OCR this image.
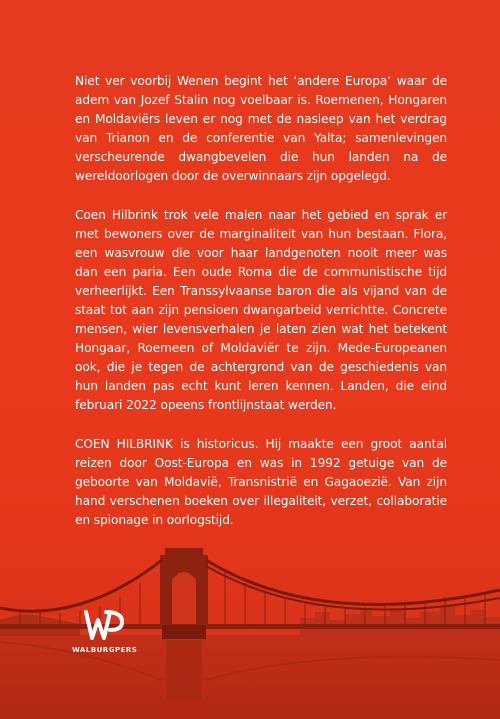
Niet ver voorbij Wenen begint het ‘andere Europa’ waar de adem van Jozef Stalin nog voelbaar is. Roemenen, Hongaren en Moldaviërs leven er nog met de nasleep van het verdrag van Trianon en de conferentie van Yalta; samenlevingen verscheurende dwangbevelen die hun landen na de wereldoorlogen door de overwinnaars zijn opgelegd.

Coen Hilbrink trok vele malen naar het gebied en sprak er met bewoners over de marginaliteit van hun bestaan. Flora, een wasvrouw die voor haar landgenoten nooit meer was dan een paria. Een oude Roma die de communistische tijd verheerlijkt. Een Transsylvaanse baron die als vijand van de staat tot aan zijn pensioen dwangarbeid verrichtte. Concrete mensen, wier levensverhalen je laten zien wat het betekent Hongaar, Roemeen of Moldaviër te zijn. Mede-Europeanen ook, die je tegen de achtergrond van de geschiedenis van hun landen pas echt kunt leren kennen. Landen, die eind februari 2022 opeens frontlijnstaat werden.

COEN HILBRINK is historicus. Hij maakte een groot aantal reizen door Oost-Europa en was in 1992 getuige van de geboorte van Moldavië, Transnistrië en Gagaoezië. Van zijn hand verschenen boeken over illegaliteit, verzet, collaboratie en spionage in oorlogstijd.

WALBURGPERS
